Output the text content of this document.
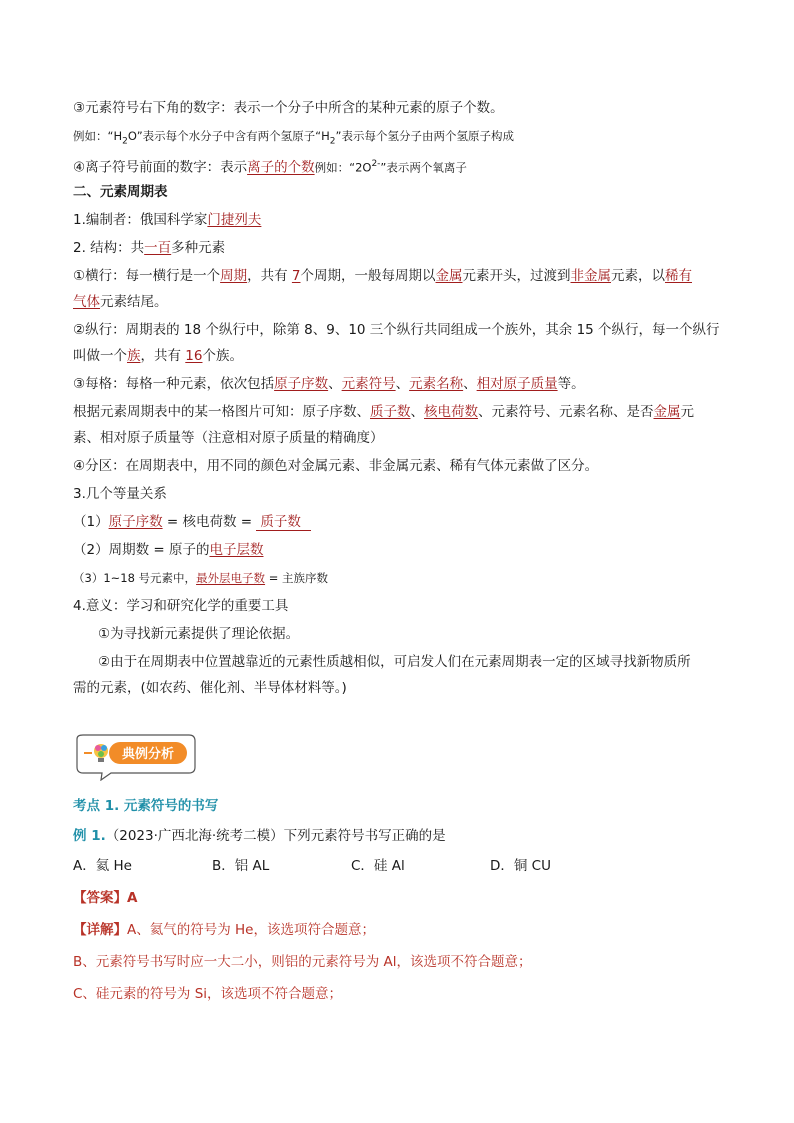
③元素符号右下角的数字：表示一个分子中所含的某种元素的原子个数。
例如：“$H_2O$”表示每个水分子中含有两个氢原子“$H_2$”表示每个氢分子由两个氢原子构成
④离子符号前面的数字：表示离子的个数例如：“$2O^{2-}$”表示两个氧离子
二、元素周期表
1.编制者：俄国科学家门捷列夫
2. 结构：共一百多种元素
①横行：每一横行是一个周期，共有 7个周期，一般每周期以金属元素开头，过渡到非金属元素，以稀有
气体元素结尾。
②纵行：周期表的 18 个纵行中，除第 8、9、10 三个纵行共同组成一个族外，其余 15 个纵行，每一个纵行
叫做一个族，共有 16个族。
③每格：每格一种元素，依次包括原子序数、元素符号、元素名称、相对原子质量等。
根据元素周期表中的某一格图片可知：原子序数、质子数、核电荷数、元素符号、元素名称、是否金属元
素、相对原子质量等（注意相对原子质量的精确度）
④分区：在周期表中，用不同的颜色对金属元素、非金属元素、稀有气体元素做了区分。
3.几个等量关系
（1）原子序数 = 核电荷数 = 质子数
（2）周期数 = 原子的电子层数
（3）1~18 号元素中，最外层电子数 = 主族序数
4.意义：学习和研究化学的重要工具
①为寻找新元素提供了理论依据。
②由于在周期表中位置越靠近的元素性质越相似，可启发人们在元素周期表一定的区域寻找新物质所
需的元素，(如农药、催化剂、半导体材料等。)
典例分析
考点 1. 元素符号的书写
例 1.（2023·广西北海·统考二模）下列元素符号书写正确的是
A．氦 He	B．铝 AL	C．硅 Al	D．铜 CU
【答案】A
【详解】A、氦气的符号为 He，该选项符合题意；
B、元素符号书写时应一大二小，则铝的元素符号为 Al，该选项不符合题意；
C、硅元素的符号为 Si，该选项不符合题意；
